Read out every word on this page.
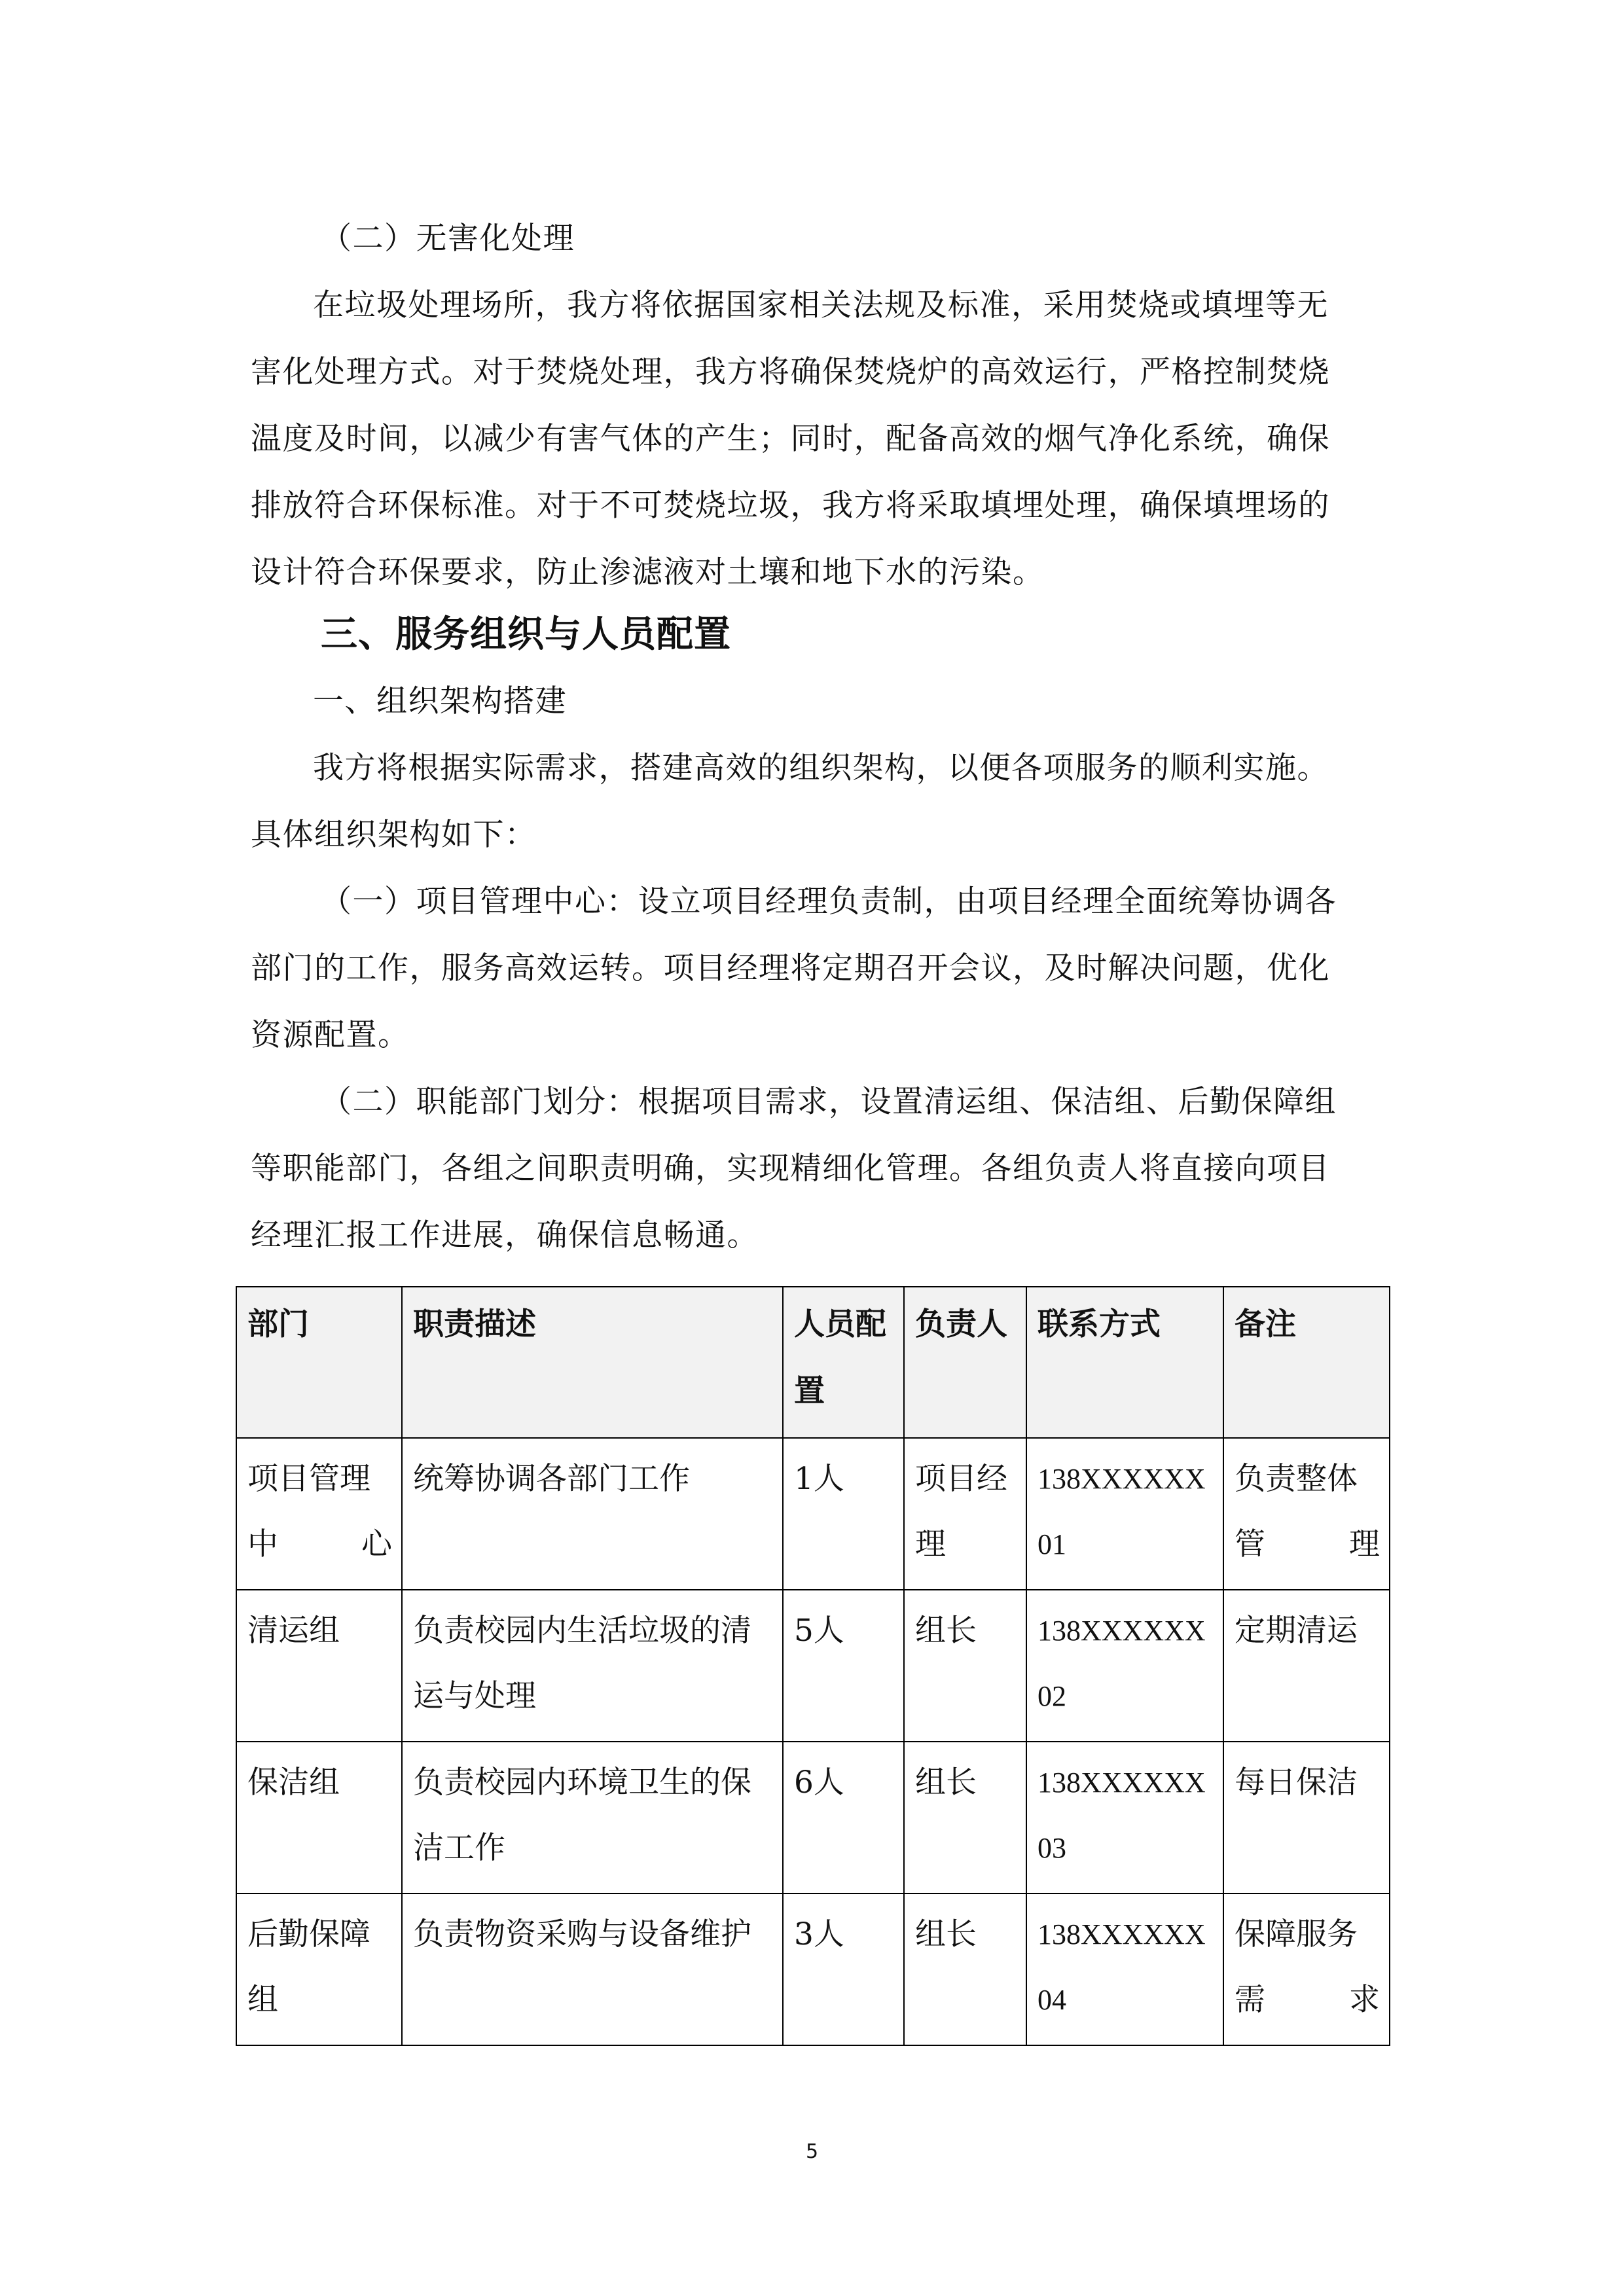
（二）无害化处理
在垃圾处理场所，我方将依据国家相关法规及标准，采用焚烧或填埋等无
害化处理方式。对于焚烧处理，我方将确保焚烧炉的高效运行，严格控制焚烧
温度及时间，以减少有害气体的产生；同时，配备高效的烟气净化系统，确保
排放符合环保标准。对于不可焚烧垃圾，我方将采取填埋处理，确保填埋场的
设计符合环保要求，防止渗滤液对土壤和地下水的污染。
三、服务组织与人员配置
一、组织架构搭建
我方将根据实际需求，搭建高效的组织架构，以便各项服务的顺利实施。
具体组织架构如下：
（一）项目管理中心：设立项目经理负责制，由项目经理全面统筹协调各
部门的工作，服务高效运转。项目经理将定期召开会议，及时解决问题，优化
资源配置。
（二）职能部门划分：根据项目需求，设置清运组、保洁组、后勤保障组
等职能部门，各组之间职责明确，实现精细化管理。各组负责人将直接向项目
经理汇报工作进展，确保信息畅通。
部门	职责描述	人员配置	负责人	联系方式	备注
项目管理中心	统筹协调各部门工作	1人	项目经理	138XXXXXX01	负责整体管理
清运组	负责校园内生活垃圾的清运与处理	5人	组长	138XXXXXX02	定期清运
保洁组	负责校园内环境卫生的保洁工作	6人	组长	138XXXXXX03	每日保洁
后勤保障组	负责物资采购与设备维护	3人	组长	138XXXXXX04	保障服务需求
5
